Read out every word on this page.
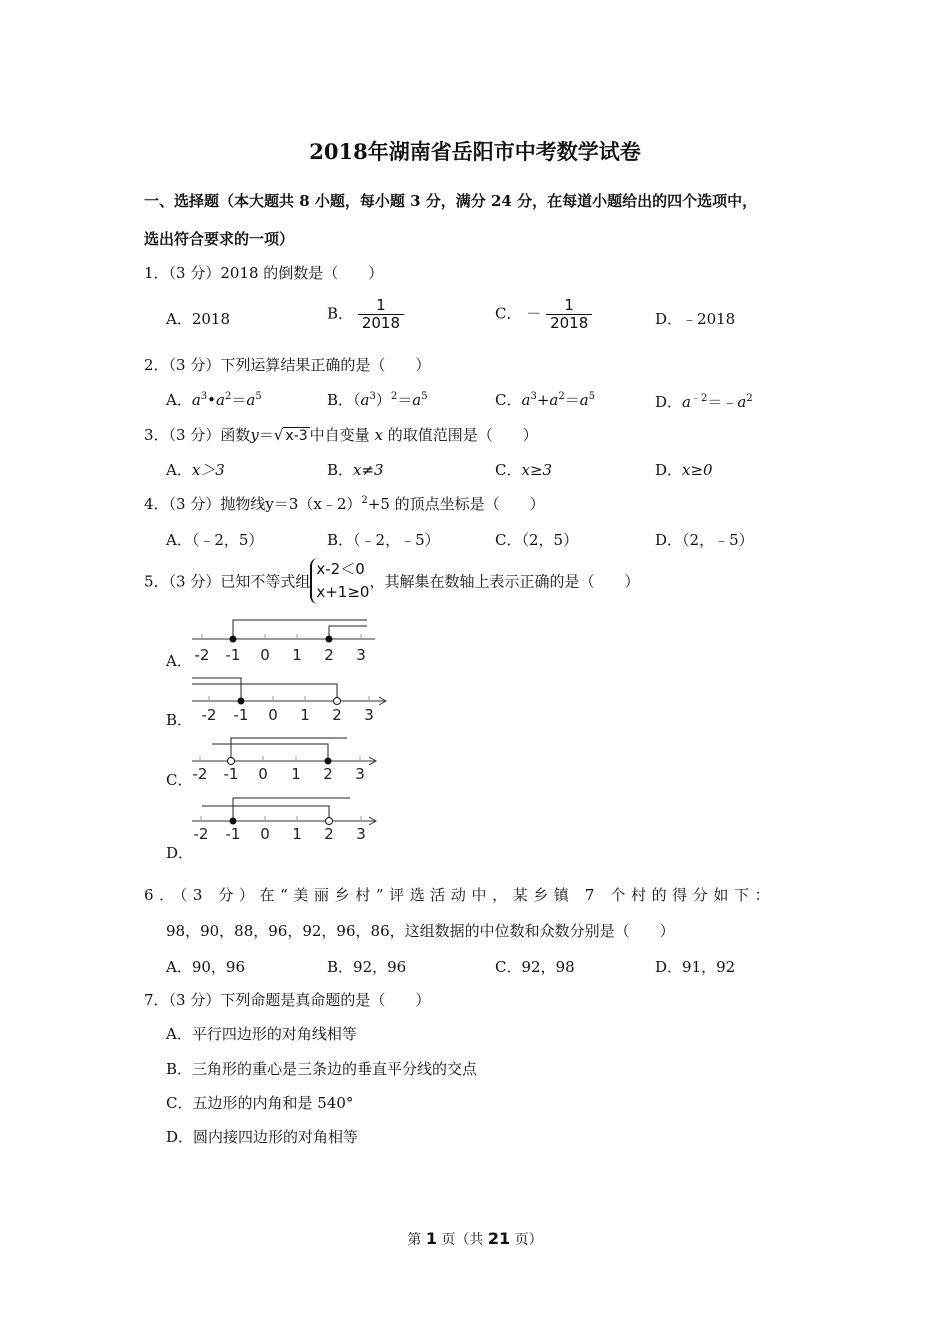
2018年湖南省岳阳市中考数学试卷
一、选择题（本大题共 8 小题，每小题 3 分，满分 24 分，在每道小题给出的四个选项中，
选出符合要求的一项）
1．（3 分）2018 的倒数是（　　）
A．2018	B． $\frac{1}{2018}$	C． － $\frac{1}{2018}$	D．﹣2018
2．（3 分）下列运算结果正确的是（　　）
A．$a^3•a^2=a^5$	B．$(a^3)^2=a^5$	C．$a^3+a^2=a^5$	D．$a^{﹣2}=﹣a^2$
3．（3 分）函数y＝√ x-3 中自变量 x 的取值范围是（　　）
A．x＞3	B．x≠3	C．x≥3	D．x≥0
4．（3 分）抛物线y＝3（x﹣2）$^2$+5 的顶点坐标是（　　）
A．（﹣2，5）	B．（﹣2，﹣5）	C．（2，5）	D．（2，﹣5）
5．（3 分）已知不等式组
x-2＜0
x+1≥0
，其解集在数轴上表示正确的是（　　）
A．
B．
C．
D．
-2 -1 0 1 2 3
-2 -1 0 1 2 3
-2 -1 0 1 2 3
-2 -1 0 1 2 3
6．（3 分）在“美丽乡村”评选活动中，某乡镇 7 个村的得分如下：
98，90，88，96，92，96，86，这组数据的中位数和众数分别是（　　）
A．90，96	B．92，96	C．92，98	D．91，92
7．（3 分）下列命题是真命题的是（　　）
A．平行四边形的对角线相等
B．三角形的重心是三条边的垂直平分线的交点
C．五边形的内角和是 540°
D．圆内接四边形的对角相等
第 1 页（共 21 页）
